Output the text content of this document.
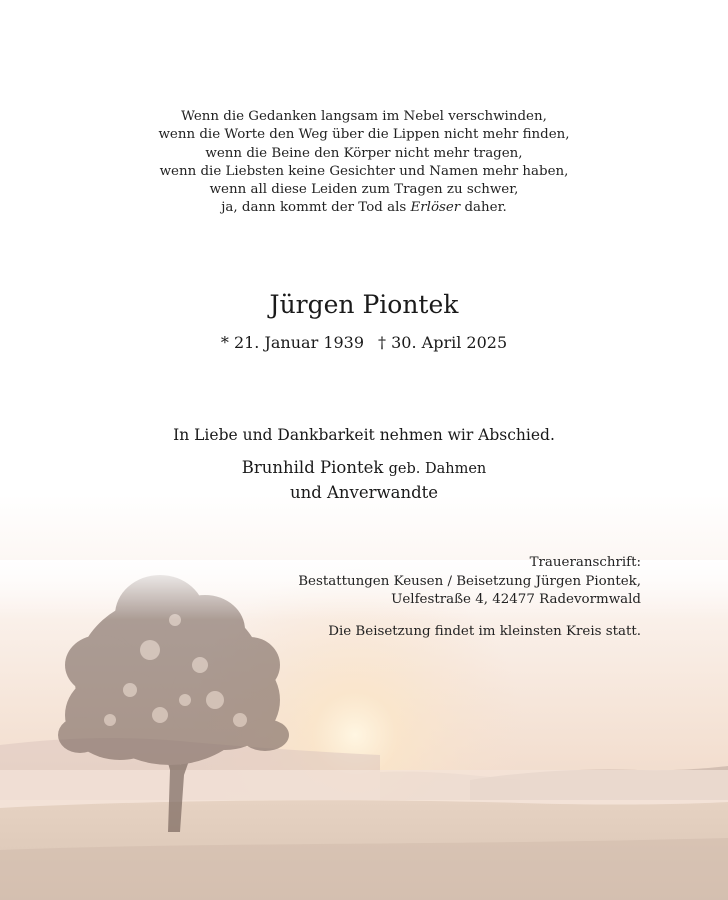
Wenn die Gedanken langsam im Nebel verschwinden,
wenn die Worte den Weg über die Lippen nicht mehr finden,
wenn die Beine den Körper nicht mehr tragen,
wenn die Liebsten keine Gesichter und Namen mehr haben,
wenn all diese Leiden zum Tragen zu schwer,
ja, dann kommt der Tod als Erlöser daher.
Jürgen Piontek
* 21. Januar 1939 † 30. April 2025
In Liebe und Dankbarkeit nehmen wir Abschied.
Brunhild Piontek geb. Dahmen
und Anverwandte
Traueranschrift:
Bestattungen Keusen / Beisetzung Jürgen Piontek,
Uelfestraße 4, 42477 Radevormwald
Die Beisetzung findet im kleinsten Kreis statt.
